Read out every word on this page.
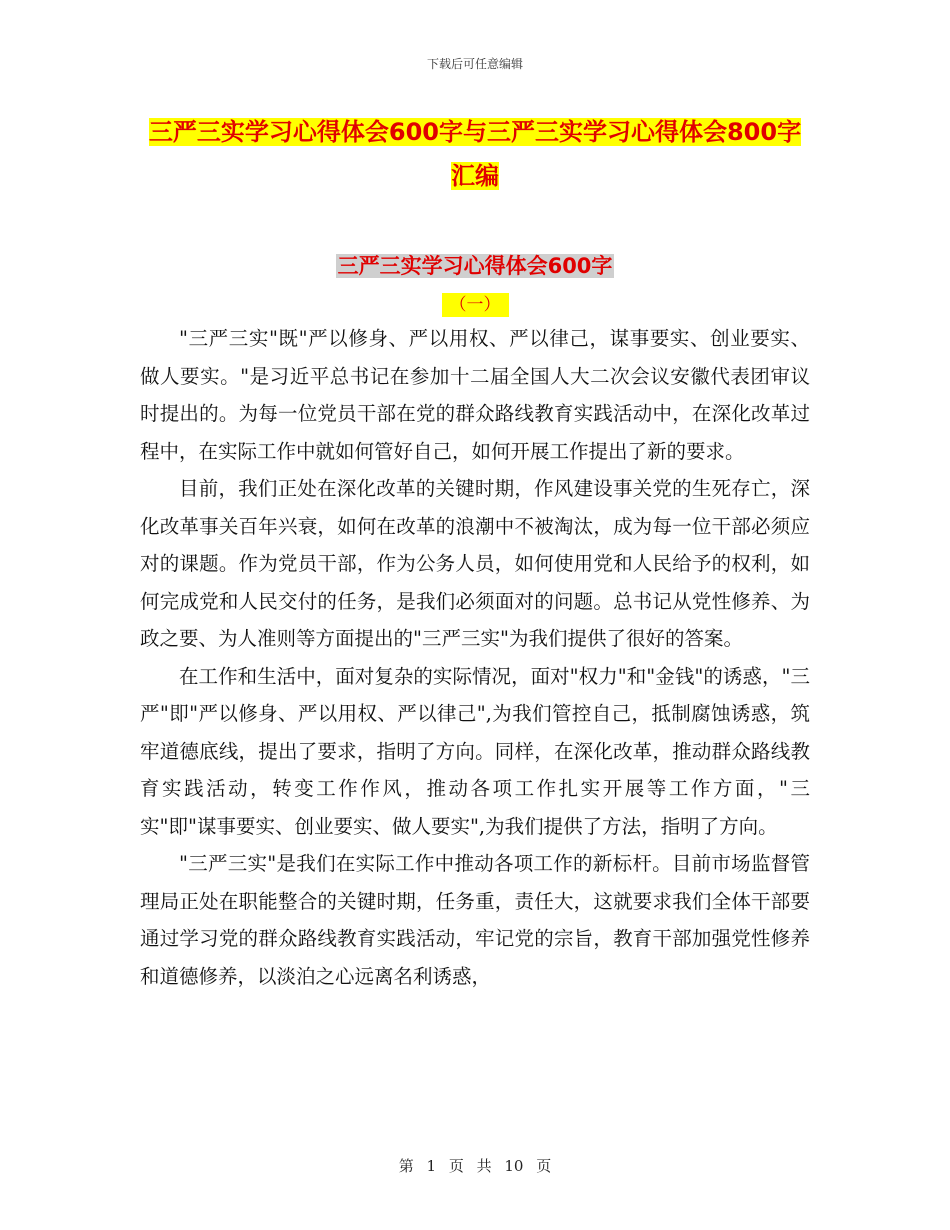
下载后可任意编辑
三严三实学习心得体会600字与三严三实学习心得体会800字汇编
三严三实学习心得体会600字
（一）

"三严三实"既"严以修身、严以用权、严以律己，谋事要实、创业要实、做人要实。"是习近平总书记在参加十二届全国人大二次会议安徽代表团审议时提出的。为每一位党员干部在党的群众路线教育实践活动中，在深化改革过程中，在实际工作中就如何管好自己，如何开展工作提出了新的要求。

目前，我们正处在深化改革的关键时期，作风建设事关党的生死存亡，深化改革事关百年兴衰，如何在改革的浪潮中不被淘汰，成为每一位干部必须应对的课题。作为党员干部，作为公务人员，如何使用党和人民给予的权利，如何完成党和人民交付的任务，是我们必须面对的问题。总书记从党性修养、为政之要、为人准则等方面提出的"三严三实"为我们提供了很好的答案。

在工作和生活中，面对复杂的实际情况，面对"权力"和"金钱"的诱惑，"三严"即"严以修身、严以用权、严以律己",为我们管控自己，抵制腐蚀诱惑，筑牢道德底线，提出了要求，指明了方向。同样，在深化改革，推动群众路线教育实践活动，转变工作作风，推动各项工作扎实开展等工作方面，"三实"即"谋事要实、创业要实、做人要实",为我们提供了方法，指明了方向。

"三严三实"是我们在实际工作中推动各项工作的新标杆。目前市场监督管理局正处在职能整合的关键时期，任务重，责任大，这就要求我们全体干部要通过学习党的群众路线教育实践活动，牢记党的宗旨，教育干部加强党性修养和道德修养，以淡泊之心远离名利诱惑，

第 1 页 共 10 页
